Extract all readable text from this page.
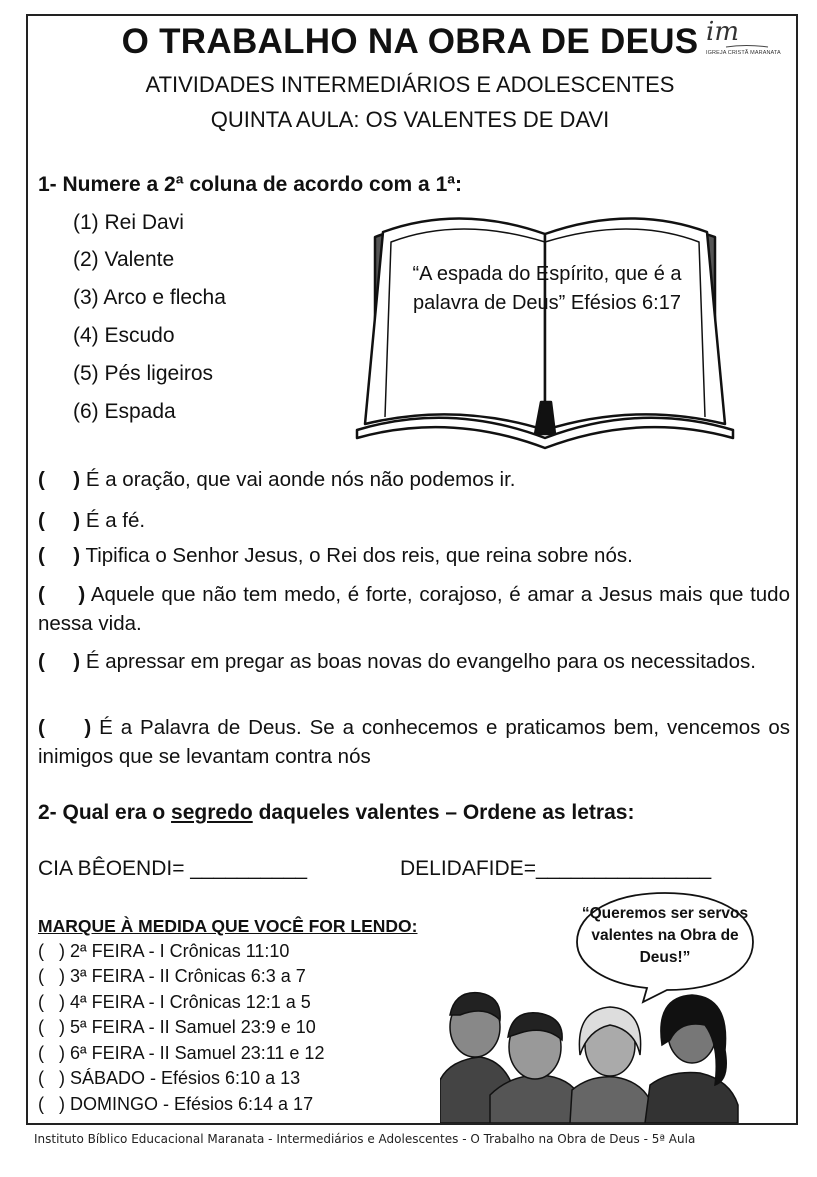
O TRABALHO NA OBRA DE DEUS
ATIVIDADES INTERMEDIÁRIOS E ADOLESCENTES
QUINTA AULA: OS VALENTES DE DAVI
im
IGREJA CRISTÃ MARANATA
1- Numere a 2ª coluna de acordo com a 1ª:
(1) Rei Davi
(2) Valente
(3) Arco e flecha
(4) Escudo
(5) Pés ligeiros
(6) Espada
“A espada do Espírito, que é a palavra de Deus” Efésios 6:17
(     ) É a oração, que vai aonde nós não podemos ir.
(     ) É a fé.
(     ) Tipifica o Senhor Jesus, o Rei dos reis, que reina sobre nós.
(     ) Aquele que não tem medo, é forte, corajoso, é amar a Jesus mais que tudo nessa vida.
(     ) É apressar em pregar as boas novas do evangelho para os necessitados.
(     ) É a Palavra de Deus. Se a conhecemos e praticamos bem, vencemos os inimigos que se levantam contra nós
2- Qual era o segredo daqueles valentes – Ordene as letras:
CIA BÊOENDI= __________	DELIDAFIDE=_______________
MARQUE À MEDIDA QUE VOCÊ FOR LENDO:
(   ) 2ª FEIRA - I Crônicas 11:10
(   ) 3ª FEIRA - II Crônicas 6:3 a 7
(   ) 4ª FEIRA - I Crônicas 12:1 a 5
(   ) 5ª FEIRA - II Samuel 23:9 e 10
(   ) 6ª FEIRA - II Samuel 23:11 e 12
(   ) SÁBADO - Efésios 6:10 a 13
(   ) DOMINGO - Efésios 6:14 a 17
“Queremos ser servos valentes na Obra de Deus!”
Instituto Bíblico Educacional Maranata - Intermediários e Adolescentes - O Trabalho na Obra de Deus - 5ª Aula
